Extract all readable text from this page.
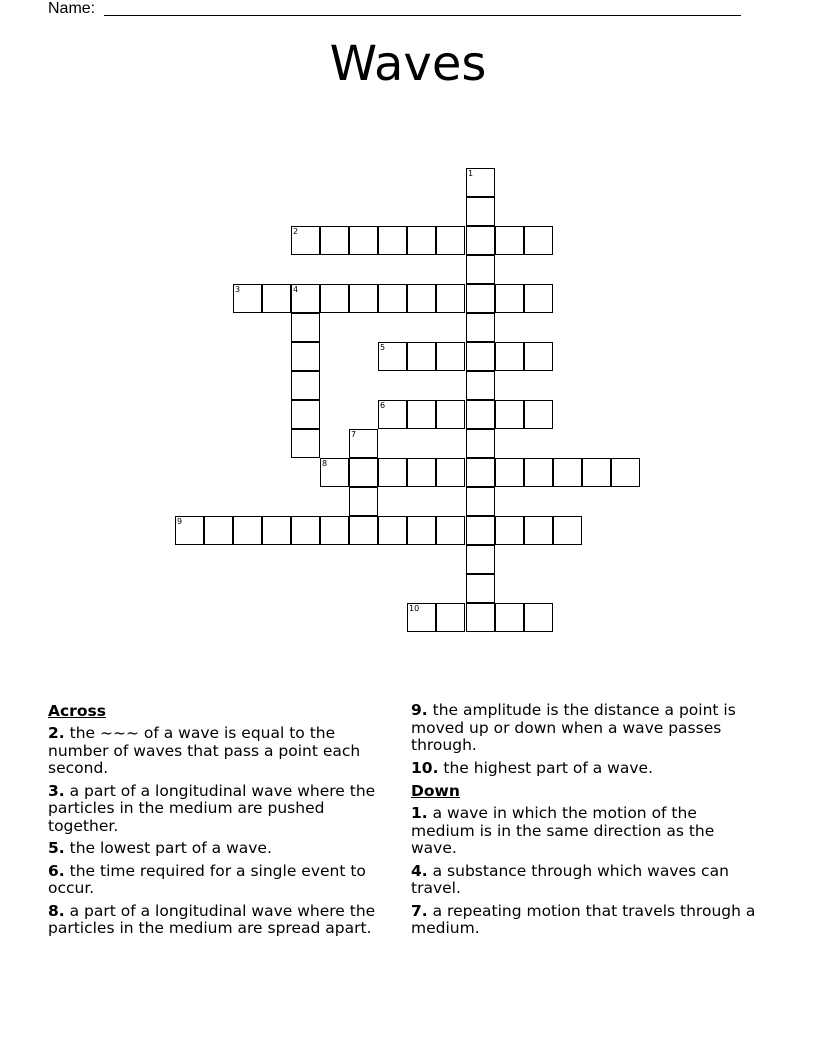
Name:
Waves
1
2
3	4
5
6
7
8
9
10
Across
2. the ~~~ of a wave is equal to the number of waves that pass a point each second.
3. a part of a longitudinal wave where the particles in the medium are pushed together.
5. the lowest part of a wave.
6. the time required for a single event to occur.
8. a part of a longitudinal wave where the particles in the medium are spread apart.
9. the amplitude is the distance a point is moved up or down when a wave passes through.
10. the highest part of a wave.
Down
1. a wave in which the motion of the medium is in the same direction as the wave.
4. a substance through which waves can travel.
7. a repeating motion that travels through a medium.
